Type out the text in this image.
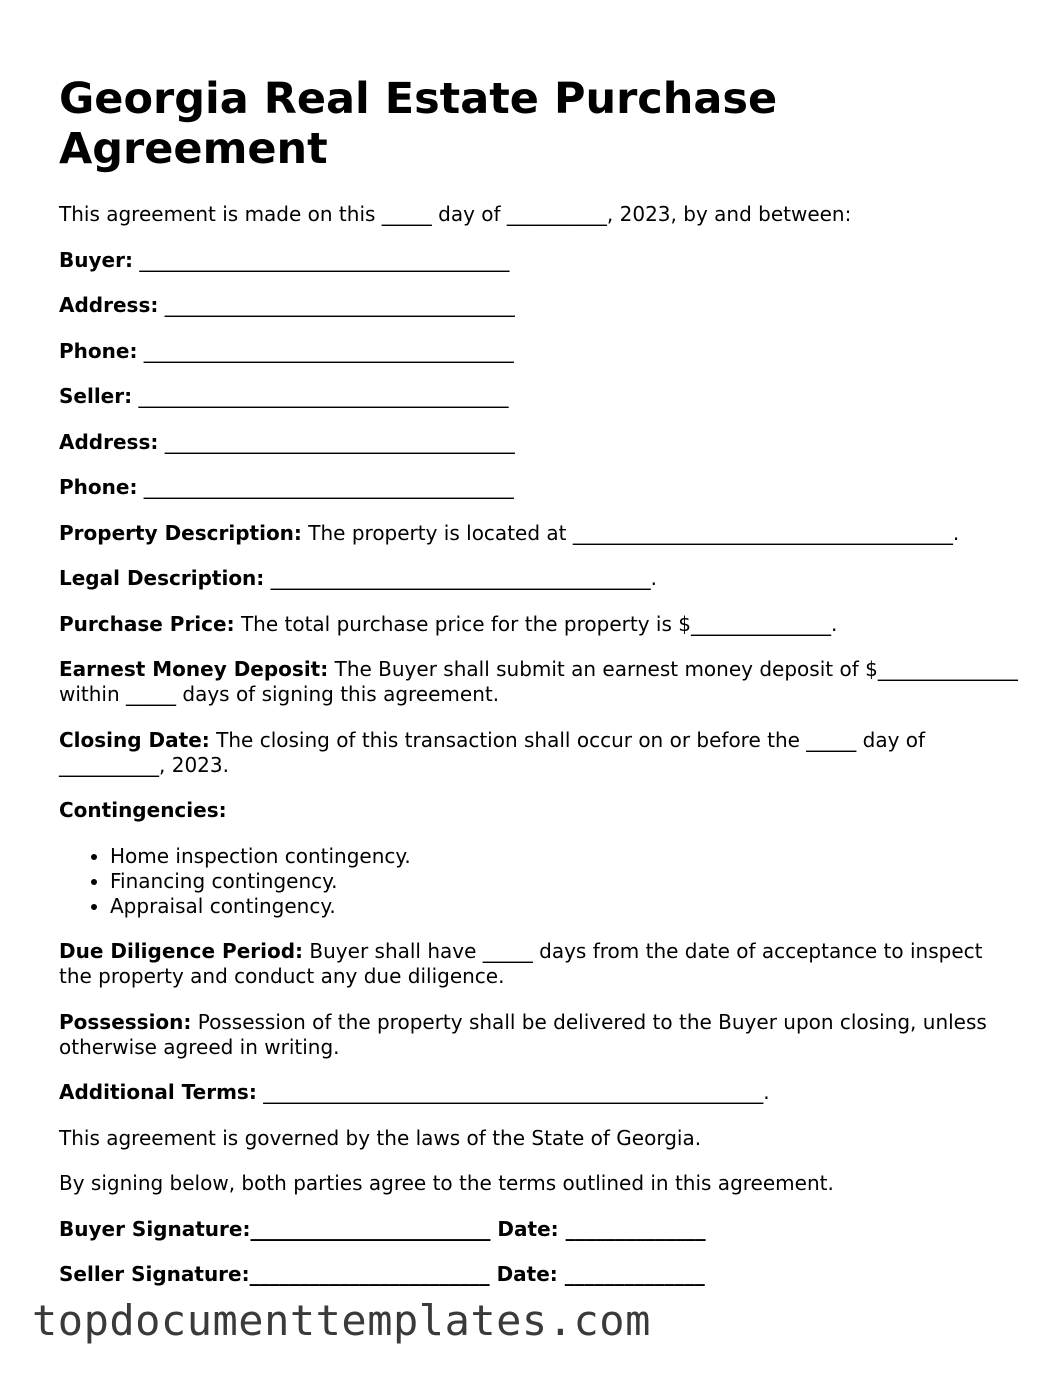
Georgia Real Estate Purchase Agreement

This agreement is made on this _____ day of __________, 2023, by and between:

Buyer: _____________________________________

Address: ___________________________________

Phone: _____________________________________

Seller: _____________________________________

Address: ___________________________________

Phone: _____________________________________

Property Description: The property is located at ______________________________________.

Legal Description: ______________________________________.

Purchase Price: The total purchase price for the property is $______________.

Earnest Money Deposit: The Buyer shall submit an earnest money deposit of $______________ within _____ days of signing this agreement.

Closing Date: The closing of this transaction shall occur on or before the _____ day of __________, 2023.

Contingencies:

• Home inspection contingency.
• Financing contingency.
• Appraisal contingency.

Due Diligence Period: Buyer shall have _____ days from the date of acceptance to inspect the property and conduct any due diligence.

Possession: Possession of the property shall be delivered to the Buyer upon closing, unless otherwise agreed in writing.

Additional Terms: __________________________________________________.

This agreement is governed by the laws of the State of Georgia.

By signing below, both parties agree to the terms outlined in this agreement.

Buyer Signature:________________________ Date: ______________

Seller Signature:________________________ Date: ______________

topdocumenttemplates.com
